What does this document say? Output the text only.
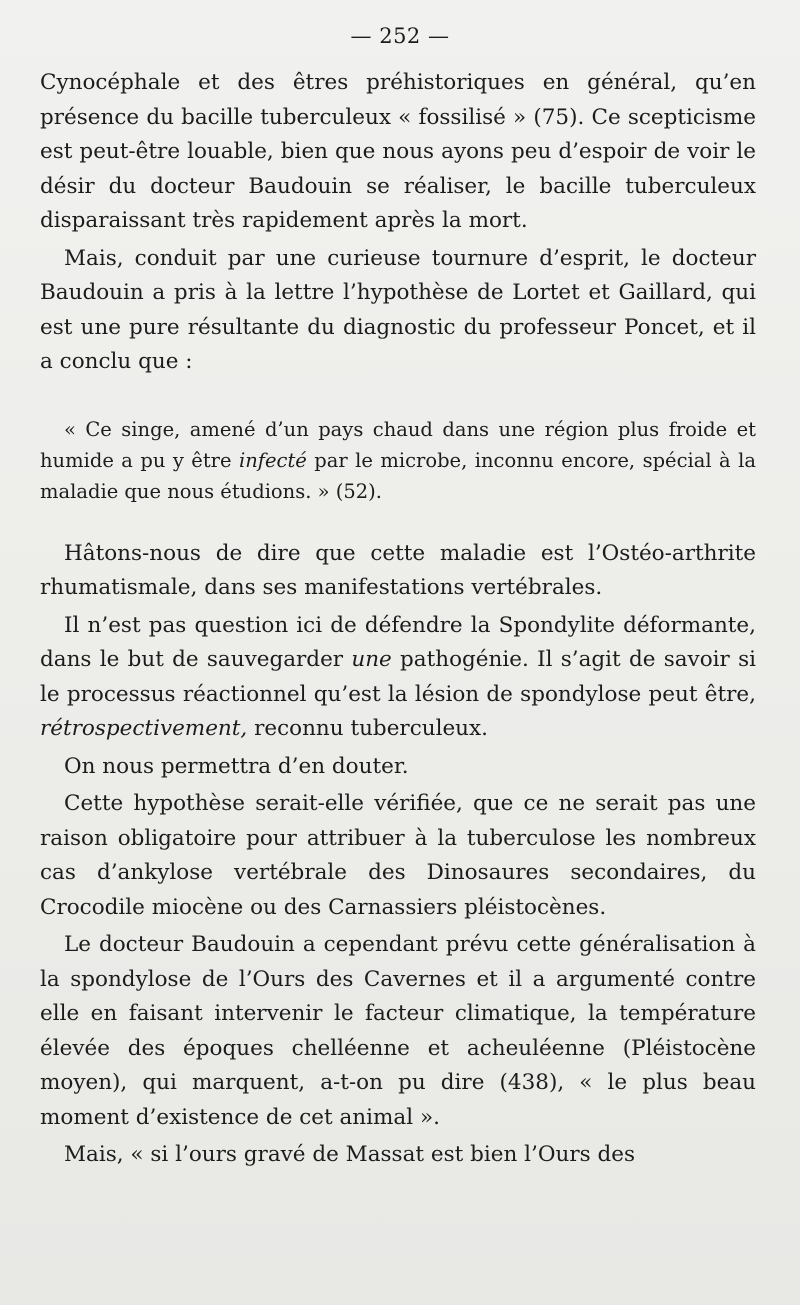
— 252 —

Cynocéphale et des êtres préhistoriques en général, qu’en présence du bacille tuberculeux « fossilisé » (75). Ce scepticisme est peut-être louable, bien que nous ayons peu d’espoir de voir le désir du docteur Baudouin se réaliser, le bacille tuberculeux disparaissant très rapidement après la mort.

Mais, conduit par une curieuse tournure d’esprit, le docteur Baudouin a pris à la lettre l’hypothèse de Lortet et Gaillard, qui est une pure résultante du diagnostic du professeur Poncet, et il a conclu que :

« Ce singe, amené d’un pays chaud dans une région plus froide et humide a pu y être infecté par le microbe, inconnu encore, spécial à la maladie que nous étudions. » (52).

Hâtons-nous de dire que cette maladie est l’Ostéo-arthrite rhumatismale, dans ses manifestations vertébrales.

Il n’est pas question ici de défendre la Spondylite déformante, dans le but de sauvegarder une pathogénie. Il s’agit de savoir si le processus réactionnel qu’est la lésion de spondylose peut être, rétrospectivement, reconnu tuberculeux.

On nous permettra d’en douter.

Cette hypothèse serait-elle vérifiée, que ce ne serait pas une raison obligatoire pour attribuer à la tuberculose les nombreux cas d’ankylose vertébrale des Dinosaures secondaires, du Crocodile miocène ou des Carnassiers pléistocènes.

Le docteur Baudouin a cependant prévu cette généralisation à la spondylose de l’Ours des Cavernes et il a argumenté contre elle en faisant intervenir le facteur climatique, la température élevée des époques chelléenne et acheuléenne (Pléistocène moyen), qui marquent, a-t-on pu dire (438), « le plus beau moment d’existence de cet animal ».

Mais, « si l’ours gravé de Massat est bien l’Ours des
